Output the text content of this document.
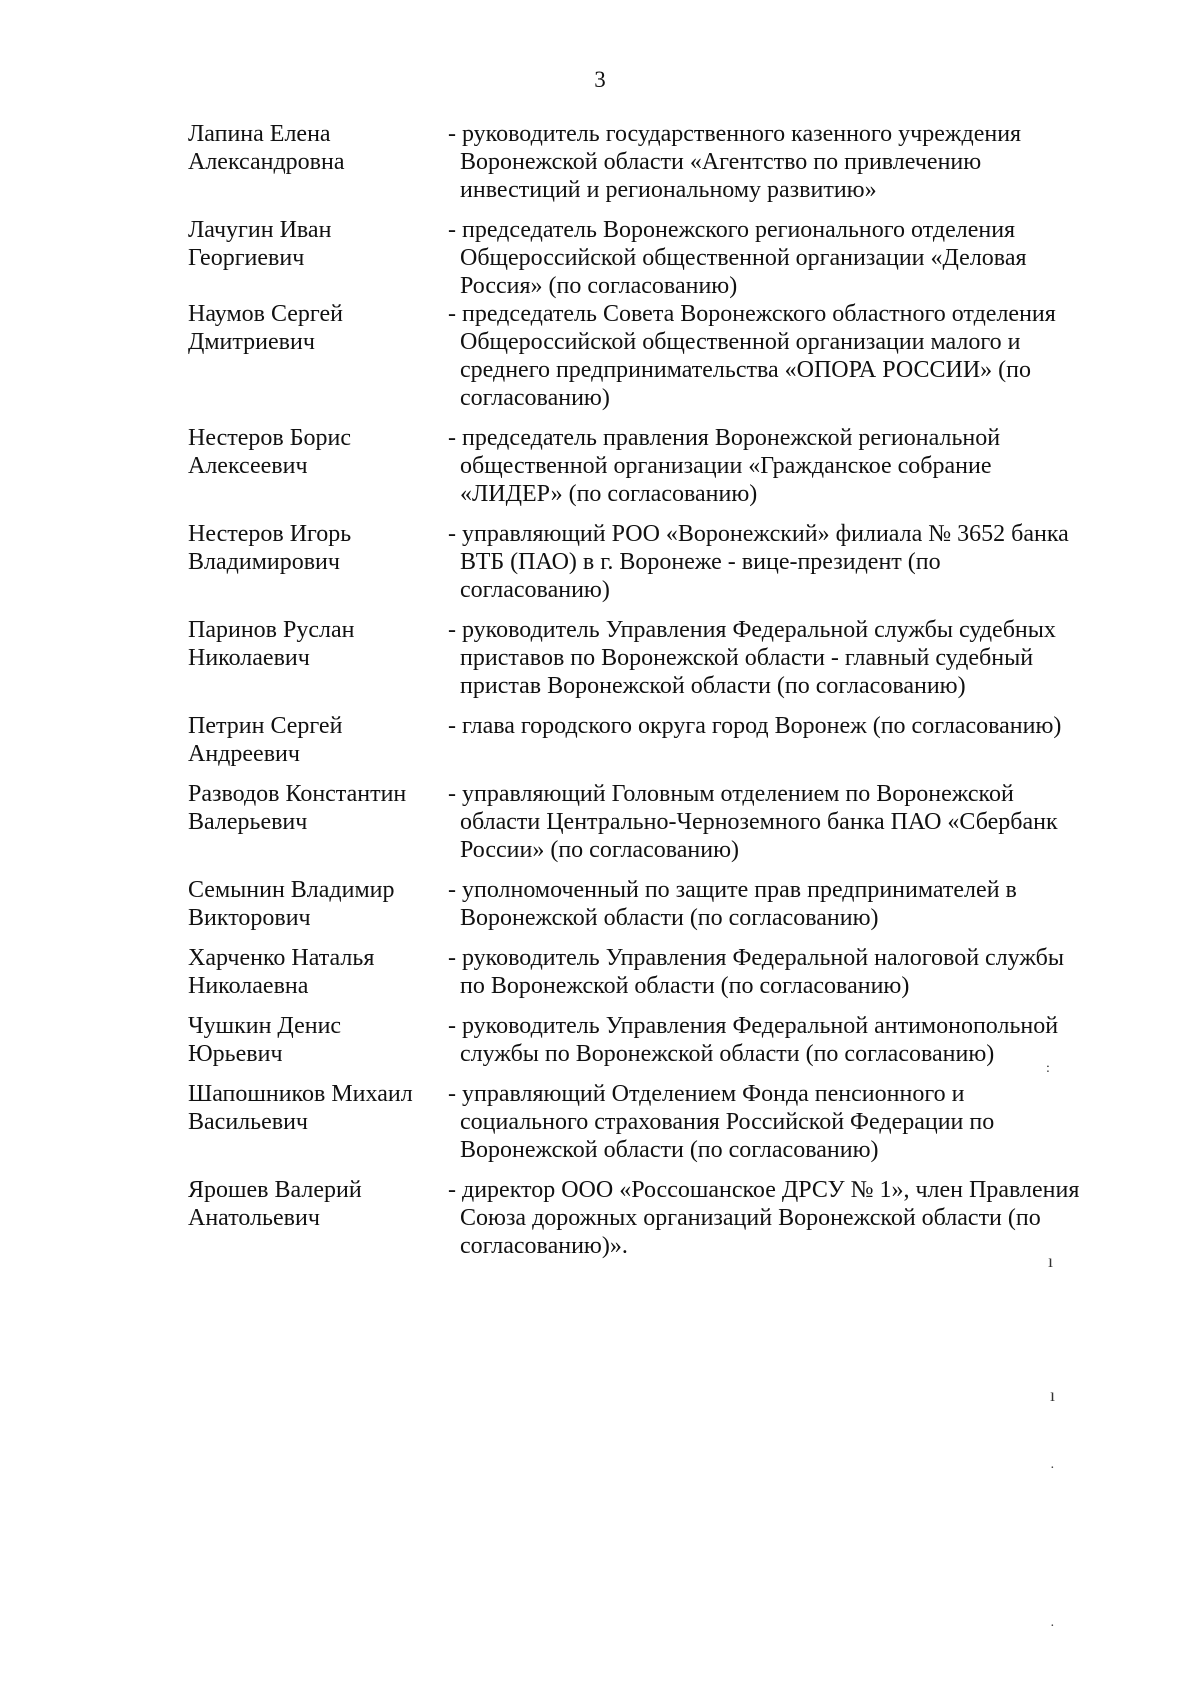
3
Лапина Елена
Александровна
- руководитель государственного казенного учреждения
Воронежской области «Агентство по привлечению
инвестиций и региональному развитию»
Лачугин Иван
Георгиевич
- председатель Воронежского регионального отделения
Общероссийской общественной организации «Деловая
Россия» (по согласованию)
Наумов Сергей
Дмитриевич
- председатель Совета Воронежского областного отделения
Общероссийской общественной организации малого и
среднего предпринимательства «ОПОРА РОССИИ» (по
согласованию)
Нестеров Борис
Алексеевич
- председатель правления Воронежской региональной
общественной организации «Гражданское собрание
«ЛИДЕР» (по согласованию)
Нестеров Игорь
Владимирович
- управляющий РОО «Воронежский» филиала № 3652 банка
ВТБ (ПАО) в г. Воронеже - вице-президент (по
согласованию)
Паринов Руслан
Николаевич
- руководитель Управления Федеральной службы судебных
приставов по Воронежской области - главный судебный
пристав Воронежской области (по согласованию)
Петрин Сергей
Андреевич
- глава городского округа город Воронеж (по согласованию)
Разводов Константин
Валерьевич
- управляющий Головным отделением по Воронежской
области Центрально-Черноземного банка ПАО «Сбербанк
России» (по согласованию)
Семынин Владимир
Викторович
- уполномоченный по защите прав предпринимателей в
Воронежской области (по согласованию)
Харченко Наталья
Николаевна
- руководитель Управления Федеральной налоговой службы
по Воронежской области (по согласованию)
Чушкин Денис
Юрьевич
- руководитель Управления Федеральной антимонопольной
службы по Воронежской области (по согласованию)
Шапошников Михаил
Васильевич
- управляющий Отделением Фонда пенсионного и
социального страхования Российской Федерации по
Воронежской области (по согласованию)
Ярошев Валерий
Анатольевич
- директор ООО «Россошанское ДРСУ № 1», член Правления
Союза дорожных организаций Воронежской области (по
согласованию)».
:
ı
ı
·
·
